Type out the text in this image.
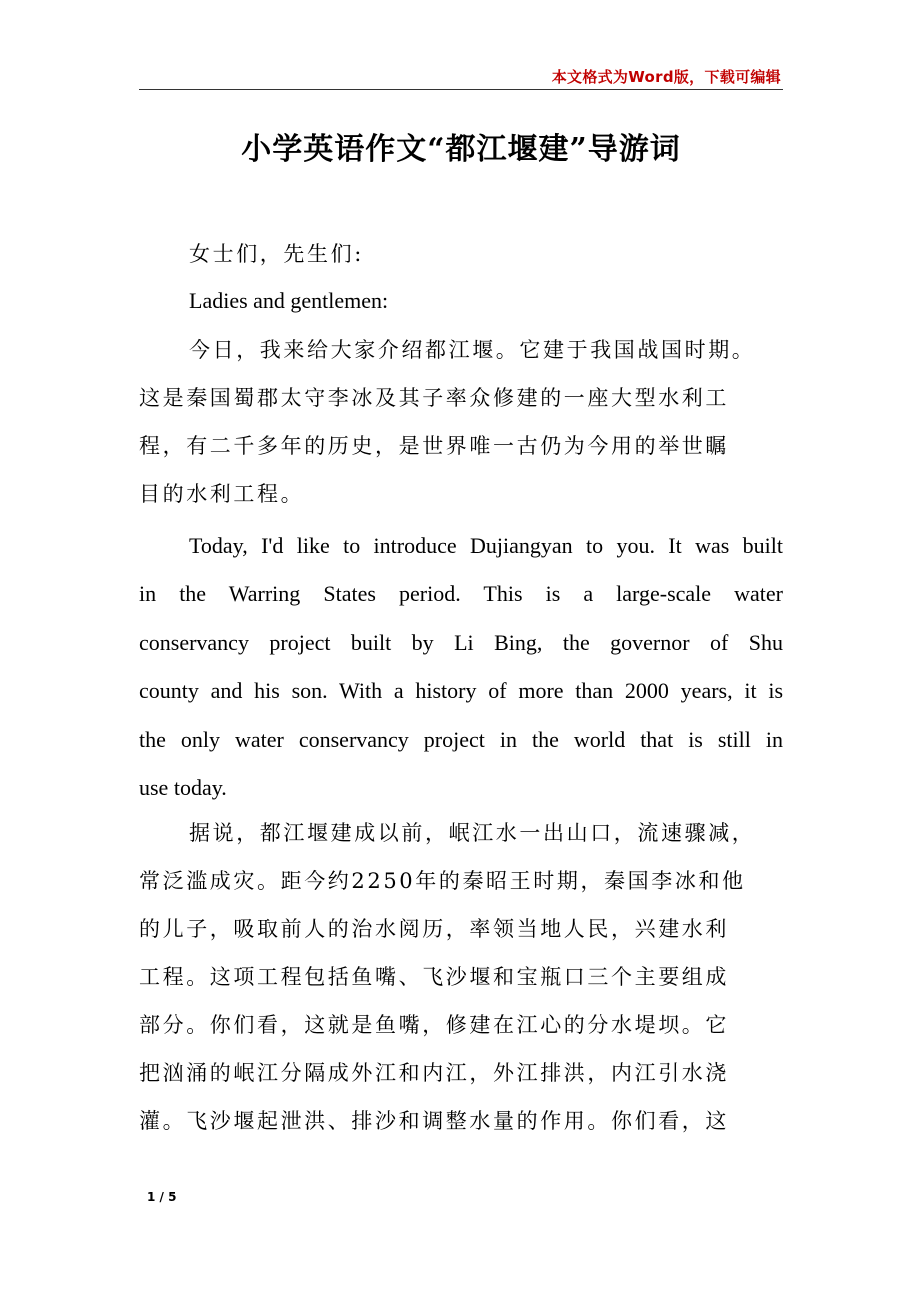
本文格式为Word版，下载可编辑
小学英语作文“都江堰建”导游词

女士们，先生们:

Ladies and gentlemen:

今日，我来给大家介绍都江堰。它建于我国战国时期。

这是秦国蜀郡太守李冰及其子率众修建的一座大型水利工

程，有二千多年的历史，是世界唯一古仍为今用的举世瞩

目的水利工程。

Today, I'd like to introduce Dujiangyan to you. It was built

in the Warring States period. This is a large-scale water

conservancy project built by Li Bing, the governor of Shu

county and his son. With a history of more than 2000 years, it is

the only water conservancy project in the world that is still in

use today.

据说，都江堰建成以前，岷江水一出山口，流速骤减，

常泛滥成灾。距今约2250年的秦昭王时期，秦国李冰和他

的儿子，吸取前人的治水阅历，率领当地人民，兴建水利

工程。这项工程包括鱼嘴、飞沙堰和宝瓶口三个主要组成

部分。你们看，这就是鱼嘴，修建在江心的分水堤坝。它

把汹涌的岷江分隔成外江和内江，外江排洪，内江引水浇

灌。飞沙堰起泄洪、排沙和调整水量的作用。你们看，这

1 / 5
